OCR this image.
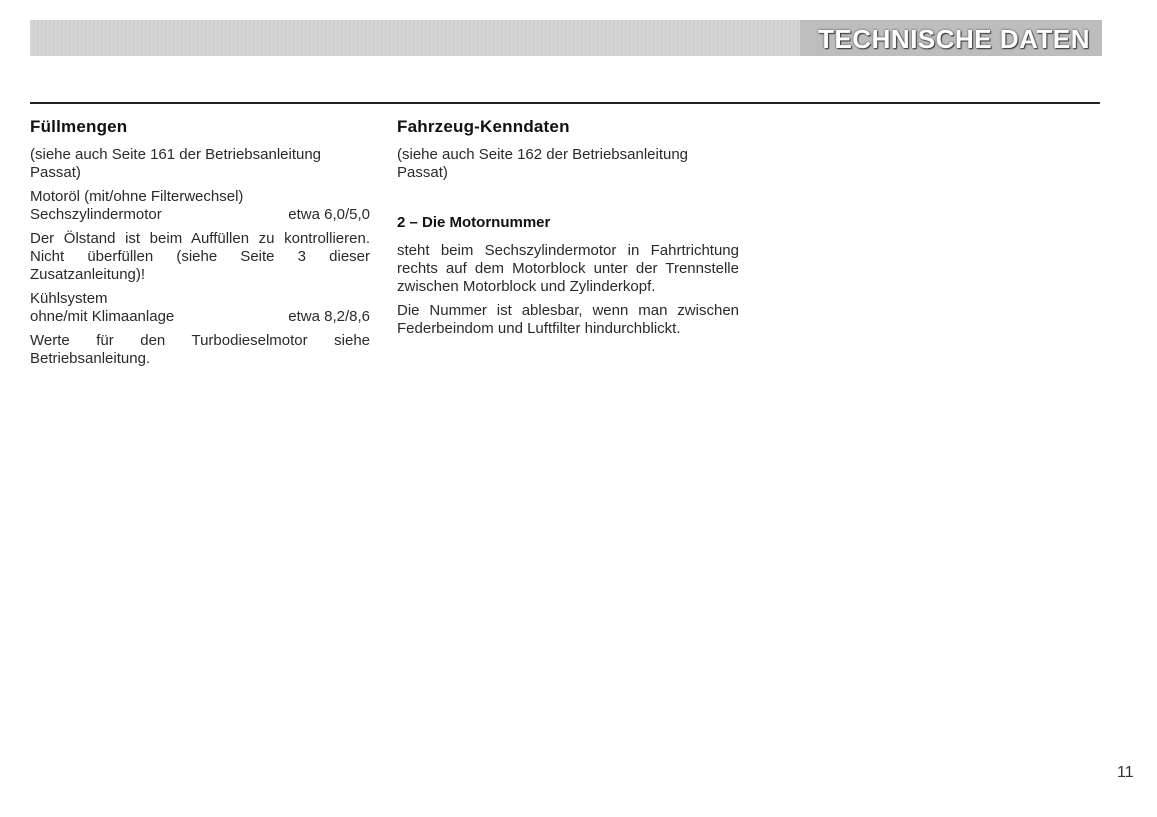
TECHNISCHE DATEN
Füllmengen

(siehe auch Seite 161 der Betriebsanleitung Passat)

Motoröl (mit/ohne Filterwechsel)

Sechszylindermotor	etwa 6,0/5,0

Der Ölstand ist beim Auffüllen zu kontrollieren. Nicht überfüllen (siehe Seite 3 dieser Zusatzanleitung)!

Kühlsystem

ohne/mit Klimaanlage	etwa 8,2/8,6

Werte für den Turbodieselmotor siehe Betriebsanleitung.

Fahrzeug-Kenndaten

(siehe auch Seite 162 der Betriebsanleitung Passat)

2 – Die Motornummer

steht beim Sechszylindermotor in Fahrtrichtung rechts auf dem Motorblock unter der Trennstelle zwischen Motorblock und Zylinderkopf.

Die Nummer ist ablesbar, wenn man zwischen Federbeindom und Luftfilter hindurchblickt.

11
